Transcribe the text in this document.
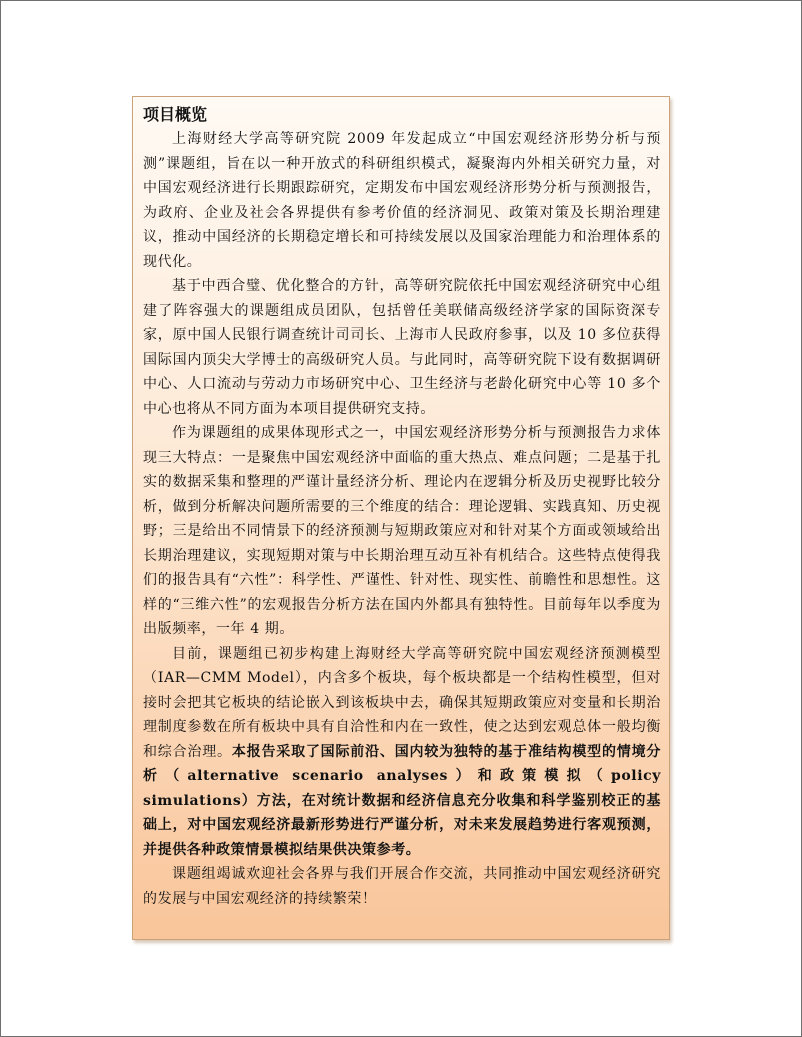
项目概览

上海财经大学高等研究院 2009 年发起成立“中国宏观经济形势分析与预测”课题组，旨在以一种开放式的科研组织模式，凝聚海内外相关研究力量，对中国宏观经济进行长期跟踪研究，定期发布中国宏观经济形势分析与预测报告，为政府、企业及社会各界提供有参考价值的经济洞见、政策对策及长期治理建议，推动中国经济的长期稳定增长和可持续发展以及国家治理能力和治理体系的现代化。

基于中西合璧、优化整合的方针，高等研究院依托中国宏观经济研究中心组建了阵容强大的课题组成员团队，包括曾任美联储高级经济学家的国际资深专家，原中国人民银行调查统计司司长、上海市人民政府参事，以及 10 多位获得国际国内顶尖大学博士的高级研究人员。与此同时，高等研究院下设有数据调研中心、人口流动与劳动力市场研究中心、卫生经济与老龄化研究中心等 10 多个中心也将从不同方面为本项目提供研究支持。

作为课题组的成果体现形式之一，中国宏观经济形势分析与预测报告力求体现三大特点：一是聚焦中国宏观经济中面临的重大热点、难点问题；二是基于扎实的数据采集和整理的严谨计量经济分析、理论内在逻辑分析及历史视野比较分析，做到分析解决问题所需要的三个维度的结合：理论逻辑、实践真知、历史视野；三是给出不同情景下的经济预测与短期政策应对和针对某个方面或领域给出长期治理建议，实现短期对策与中长期治理互动互补有机结合。这些特点使得我们的报告具有“六性”：科学性、严谨性、针对性、现实性、前瞻性和思想性。这样的“三维六性”的宏观报告分析方法在国内外都具有独特性。目前每年以季度为出版频率，一年 4 期。

目前，课题组已初步构建上海财经大学高等研究院中国宏观经济预测模型（IAR—CMM Model），内含多个板块，每个板块都是一个结构性模型，但对接时会把其它板块的结论嵌入到该板块中去，确保其短期政策应对变量和长期治理制度参数在所有板块中具有自洽性和内在一致性，使之达到宏观总体一般均衡和综合治理。本报告采取了国际前沿、国内较为独特的基于准结构模型的情境分析（alternative scenario analyses）和政策模拟（policy simulations）方法，在对统计数据和经济信息充分收集和科学鉴别校正的基础上，对中国宏观经济最新形势进行严谨分析，对未来发展趋势进行客观预测，并提供各种政策情景模拟结果供决策参考。

课题组竭诚欢迎社会各界与我们开展合作交流，共同推动中国宏观经济研究的发展与中国宏观经济的持续繁荣！
